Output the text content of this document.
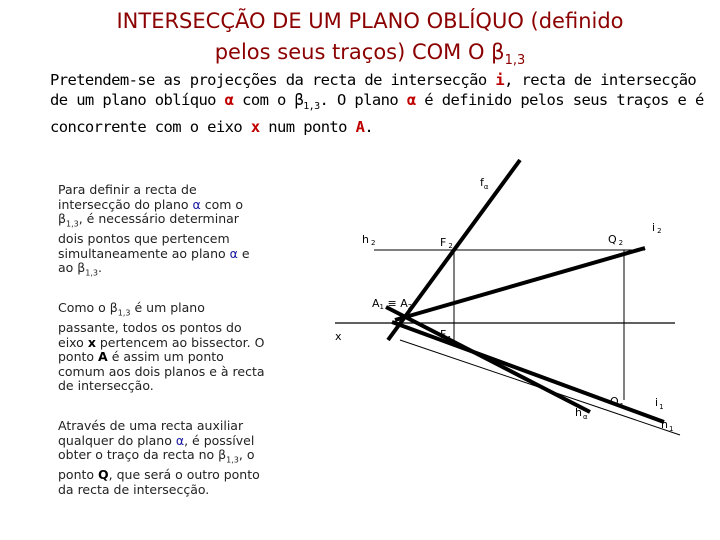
INTERSECÇÃO DE UM PLANO OBLÍQUO (definido
pelos seus traços) COM O $\beta_{1,3}$
Pretendem-se as projecções da recta de intersecção i, recta de intersecção de um plano oblíquo α com o $\beta_{1,3}$. O plano α é definido pelos seus traços e é concorrente com o eixo x num ponto A.
Para definir a recta de intersecção do plano α com o $\beta_{1,3}$, é necessário determinar dois pontos que pertencem simultaneamente ao plano α e ao $\beta_{1,3}$.
Como o $\beta_{1,3}$ é um plano passante, todos os pontos do eixo x pertencem ao bissector. O ponto A é assim um ponto comum aos dois planos e à recta de intersecção.
Através de uma recta auxiliar qualquer do plano α, é possível obter o traço da recta no $\beta_{1,3}$, o ponto Q, que será o outro ponto da recta de intersecção.
$f_\alpha$
h 2	F 2	Q 2
i 2
A1 ≡ A2
x	$F_1$
$h_\alpha$
$Q_1$	$i_1$
$h_1$
